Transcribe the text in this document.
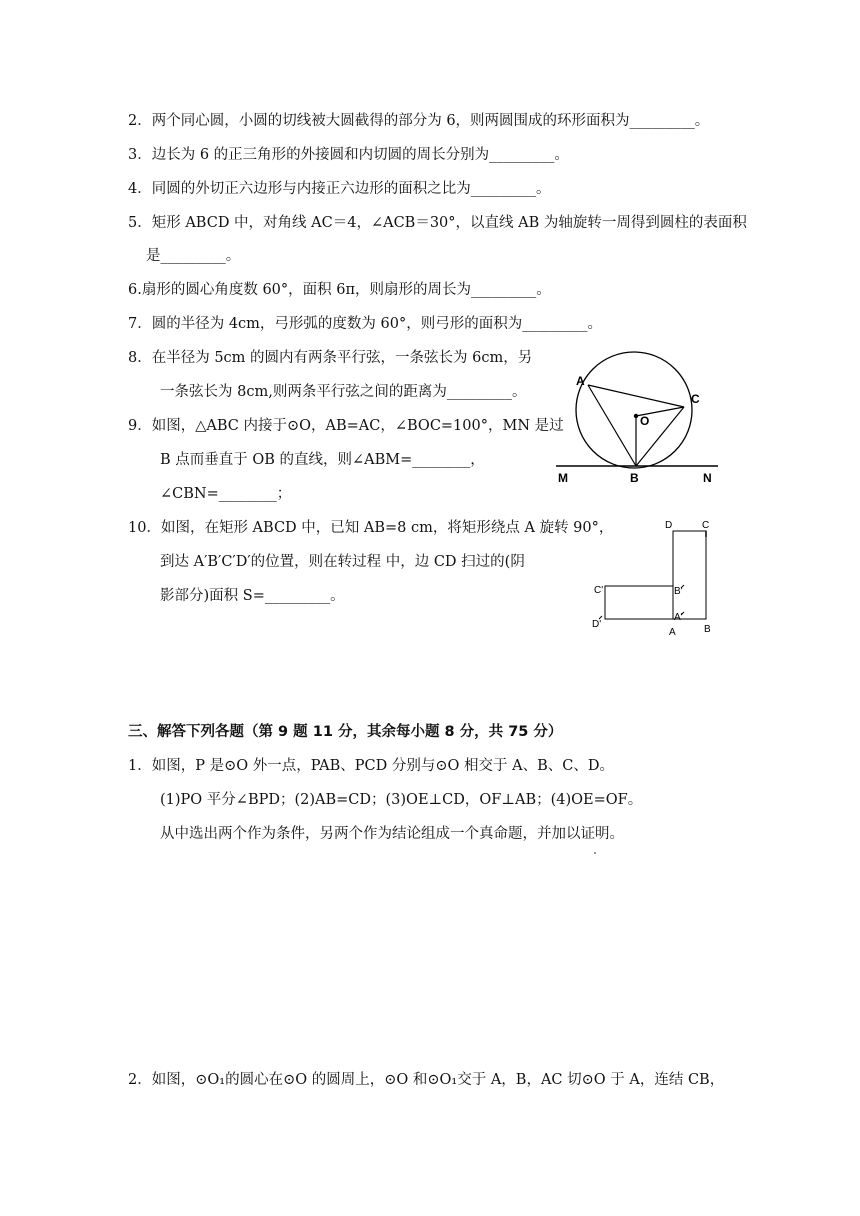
2．两个同心圆，小圆的切线被大圆截得的部分为 6，则两圆围成的环形面积为_________。
3．边长为 6 的正三角形的外接圆和内切圆的周长分别为_________。
4．同圆的外切正六边形与内接正六边形的面积之比为_________。
5．矩形 ABCD 中，对角线 AC＝4，∠ACB＝30°，以直线 AB 为轴旋转一周得到圆柱的表面积
是_________。
6.扇形的圆心角度数 60°，面积 6π，则扇形的周长为_________。
7．圆的半径为 4cm，弓形弧的度数为 60°，则弓形的面积为_________。
8．在半径为 5cm 的圆内有两条平行弦，一条弦长为 6cm，另
一条弦长为 8cm,则两条平行弦之间的距离为_________。
9．如图，△ABC 内接于⊙O，AB=AC，∠BOC=100°，MN 是过
B 点而垂直于 OB 的直线，则∠ABM=________，
∠CBN=________；
10．如图，在矩形 ABCD 中，已知 AB=8 cm，将矩形绕点 A 旋转 90°，
到达 A′B′C′D′的位置，则在转过程 中，边 CD 扫过的(阴
影部分)面积 S=_________。
A
C
O
M	B	N
D	C
C'	B'
A'
D'
A	B
三、解答下列各题（第 9 题 11 分，其余每小题 8 分，共 75 分）
1．如图，P 是⊙O 外一点，PAB、PCD 分别与⊙O 相交于 A、B、C、D。
(1)PO 平分∠BPD；(2)AB=CD；(3)OE⊥CD，OF⊥AB；(4)OE=OF。
从中选出两个作为条件，另两个作为结论组成一个真命题，并加以证明。
2．如图，⊙O₁的圆心在⊙O 的圆周上，⊙O 和⊙O₁交于 A，B，AC 切⊙O 于 A，连结 CB，
